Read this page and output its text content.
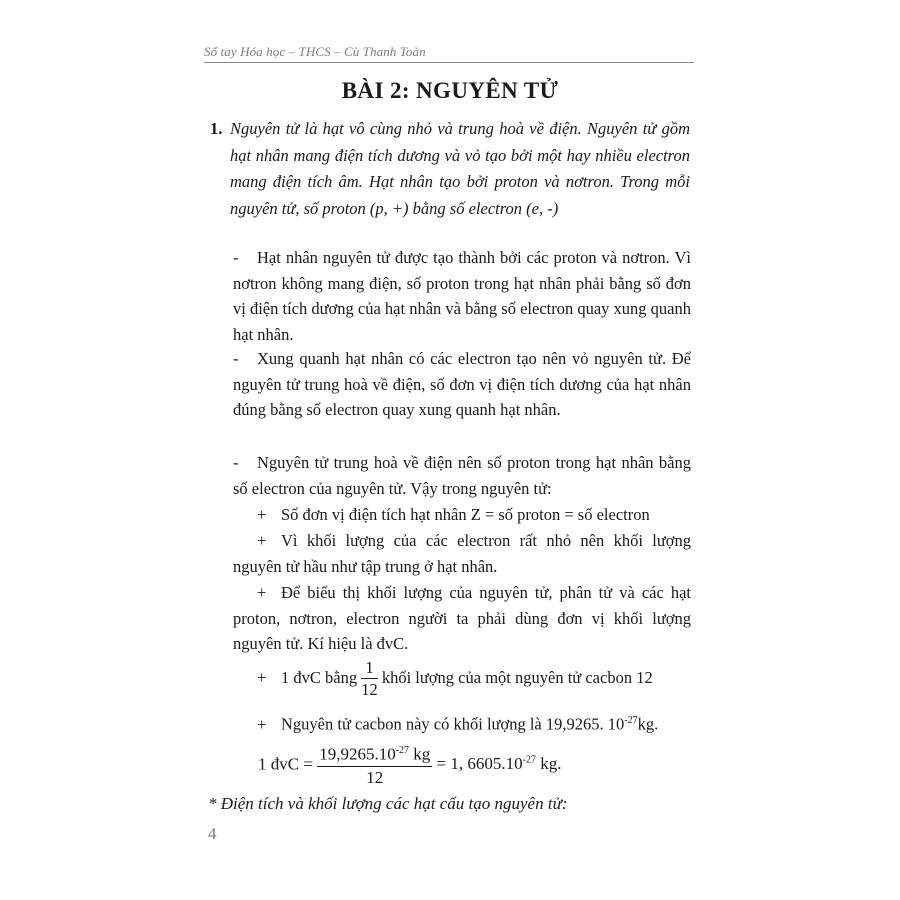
Sổ tay Hóa học – THCS – Cù Thanh Toàn
BÀI 2: NGUYÊN TỬ
1. Nguyên tử là hạt vô cùng nhỏ và trung hoà về điện. Nguyên tử gồm hạt nhân mang điện tích dương và vỏ tạo bởi một hay nhiều electron mang điện tích âm. Hạt nhân tạo bởi proton và nơtron. Trong mỗi nguyên tử, số proton (p, +) bằng số electron (e, -)
- Hạt nhân nguyên tử được tạo thành bởi các proton và nơtron. Vì nơtron không mang điện, số proton trong hạt nhân phải bằng số đơn vị điện tích dương của hạt nhân và bằng số electron quay xung quanh hạt nhân.
- Xung quanh hạt nhân có các electron tạo nên vỏ nguyên tử. Để nguyên tử trung hoà về điện, số đơn vị điện tích dương của hạt nhân đúng bằng số electron quay xung quanh hạt nhân.
- Nguyên tử trung hoà về điện nên số proton trong hạt nhân bằng số electron của nguyên tử. Vậy trong nguyên tử:
+ Số đơn vị điện tích hạt nhân Z = số proton = số electron
+ Vì khối lượng của các electron rất nhỏ nên khối lượng nguyên tử hầu như tập trung ở hạt nhân.
+ Để biểu thị khối lượng của nguyên tử, phân tử và các hạt proton, nơtron, electron người ta phải dùng đơn vị khối lượng nguyên tử. Kí hiệu là đvC.
+ 1 đvC bằng $\frac{1}{12}$ khối lượng của một nguyên tử cacbon 12
+ Nguyên tử cacbon này có khối lượng là 19,9265. $10^{-27}kg$.
1 đvC = $\frac{19,9265.10^{-27} kg}{12} = 1$, $6605.10^{-27}$ kg.
* Điện tích và khối lượng các hạt cấu tạo nguyên tử:
4
